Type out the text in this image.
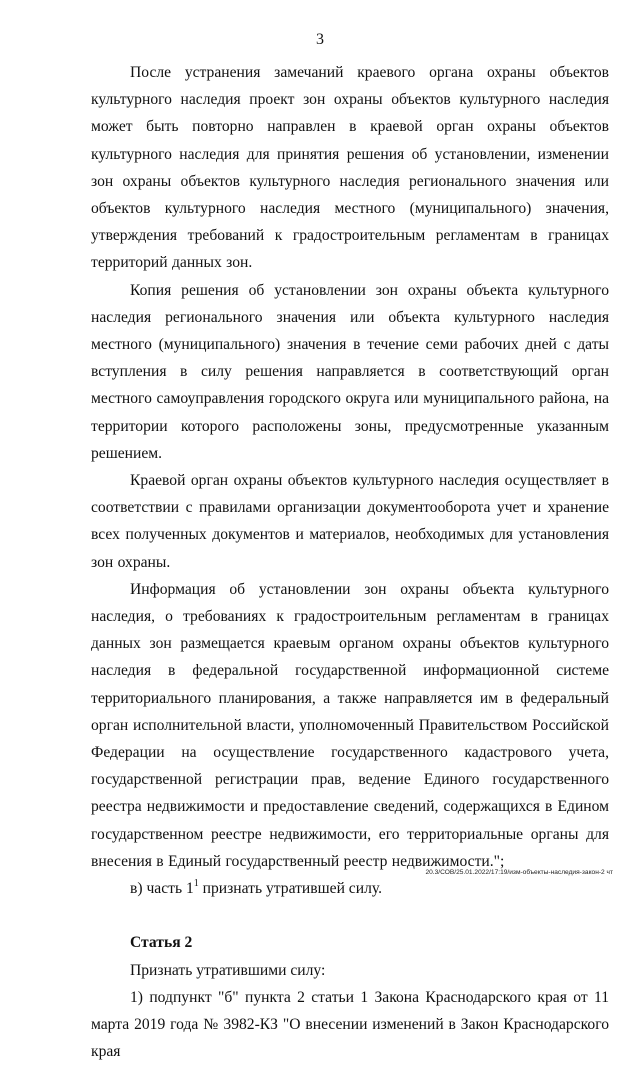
3

После устранения замечаний краевого органа охраны объектов культурного наследия проект зон охраны объектов культурного наследия может быть повторно направлен в краевой орган охраны объектов культурного наследия для принятия решения об установлении, изменении зон охраны объектов культурного наследия регионального значения или объектов культурного наследия местного (муниципального) значения, утверждения требований к градостроительным регламентам в границах территорий данных зон.

Копия решения об установлении зон охраны объекта культурного наследия регионального значения или объекта культурного наследия местного (муниципального) значения в течение семи рабочих дней с даты вступления в силу решения направляется в соответствующий орган местного самоуправления городского округа или муниципального района, на территории которого расположены зоны, предусмотренные указанным решением.

Краевой орган охраны объектов культурного наследия осуществляет в соответствии с правилами организации документооборота учет и хранение всех полученных документов и материалов, необходимых для установления зон охраны.

Информация об установлении зон охраны объекта культурного наследия, о требованиях к градостроительным регламентам в границах данных зон размещается краевым органом охраны объектов культурного наследия в федеральной государственной информационной системе территориального планирования, а также направляется им в федеральный орган исполнительной власти, уполномоченный Правительством Российской Федерации на осуществление государственного кадастрового учета, государственной регистрации прав, ведение Единого государственного реестра недвижимости и предоставление сведений, содержащихся в Едином государственном реестре недвижимости, его территориальные органы для внесения в Единый государственный реестр недвижимости.";

в) часть $1^1$ признать утратившей силу.

Статья 2

Признать утратившими силу:

1) подпункт "б" пункта 2 статьи 1 Закона Краснодарского края от 11 марта 2019 года № 3982-КЗ "О внесении изменений в Закон Краснодарского края

20.3/СОВ/25.01.2022/17:19/изм-объекты-наследия-закон-2 чт
